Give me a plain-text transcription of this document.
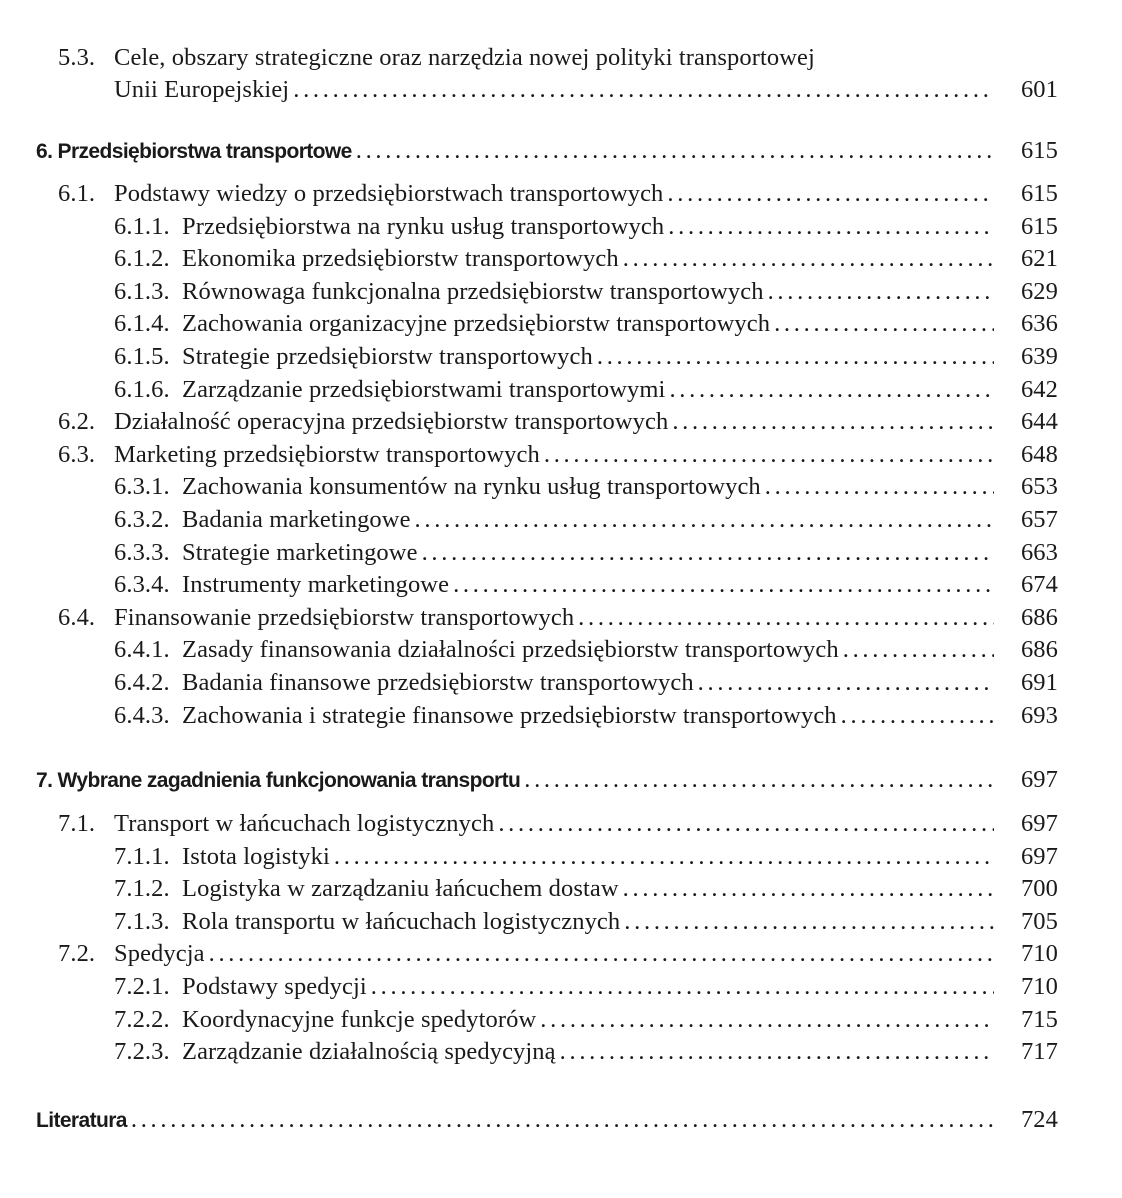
5.3. Cele, obszary strategiczne oraz narzędzia nowej polityki transportowej
Unii Europejskiej . . .	601
6. Przedsiębiorstwa transportowe . . .	615
6.1. Podstawy wiedzy o przedsiębiorstwach transportowych . . .	615
6.1.1. Przedsiębiorstwa na rynku usług transportowych . . .	615
6.1.2. Ekonomika przedsiębiorstw transportowych . . .	621
6.1.3. Równowaga funkcjonalna przedsiębiorstw transportowych . . .	629
6.1.4. Zachowania organizacyjne przedsiębiorstw transportowych . . .	636
6.1.5. Strategie przedsiębiorstw transportowych . . .	639
6.1.6. Zarządzanie przedsiębiorstwami transportowymi . . .	642
6.2. Działalność operacyjna przedsiębiorstw transportowych . . .	644
6.3. Marketing przedsiębiorstw transportowych . . .	648
6.3.1. Zachowania konsumentów na rynku usług transportowych . . .	653
6.3.2. Badania marketingowe . . .	657
6.3.3. Strategie marketingowe . . .	663
6.3.4. Instrumenty marketingowe . . .	674
6.4. Finansowanie przedsiębiorstw transportowych . . .	686
6.4.1. Zasady finansowania działalności przedsiębiorstw transportowych . . .	686
6.4.2. Badania finansowe przedsiębiorstw transportowych . . .	691
6.4.3. Zachowania i strategie finansowe przedsiębiorstw transportowych . . .	693
7. Wybrane zagadnienia funkcjonowania transportu . . .	697
7.1. Transport w łańcuchach logistycznych . . .	697
7.1.1. Istota logistyki . . .	697
7.1.2. Logistyka w zarządzaniu łańcuchem dostaw . . .	700
7.1.3. Rola transportu w łańcuchach logistycznych . . .	705
7.2. Spedycja . . .	710
7.2.1. Podstawy spedycji . . .	710
7.2.2. Koordynacyjne funkcje spedytorów . . .	715
7.2.3. Zarządzanie działalnością spedycyjną . . .	717
Literatura . . .	724
